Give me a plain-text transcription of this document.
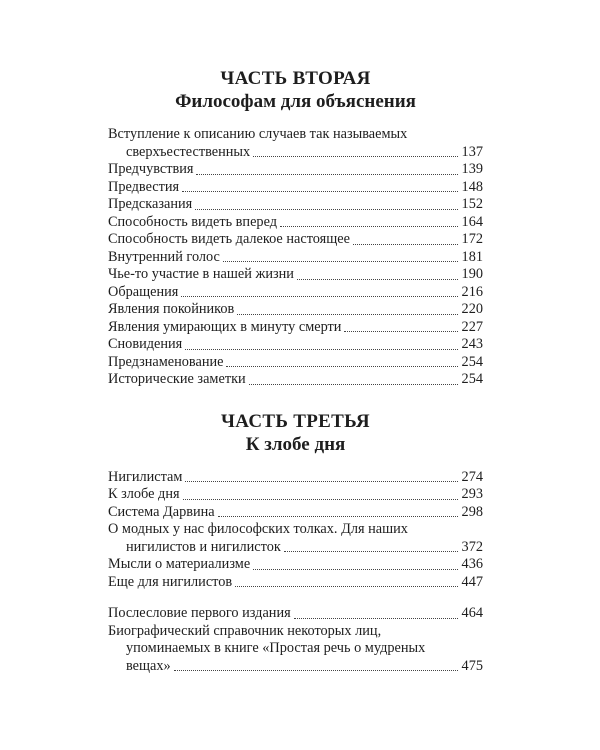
ЧАСТЬ ВТОРАЯ
Философам для объяснения
Вступление к описанию случаев так называемых
сверхъестественных	137
Предчувствия	139
Предвестия	148
Предсказания	152
Способность видеть вперед	164
Способность видеть далекое настоящее	172
Внутренний голос	181
Чье-то участие в нашей жизни	190
Обращения	216
Явления покойников	220
Явления умирающих в минуту смерти	227
Сновидения	243
Предзнаменование	254
Исторические заметки	254
ЧАСТЬ ТРЕТЬЯ
К злобе дня
Нигилистам	274
К злобе дня	293
Система Дарвина	298
О модных у нас философских толках. Для наших
нигилистов и нигилисток	372
Мысли о материализме	436
Еще для нигилистов	447
Послесловие первого издания	464
Биографический справочник некоторых лиц,
упоминаемых в книге «Простая речь о мудреных
вещах»	475
